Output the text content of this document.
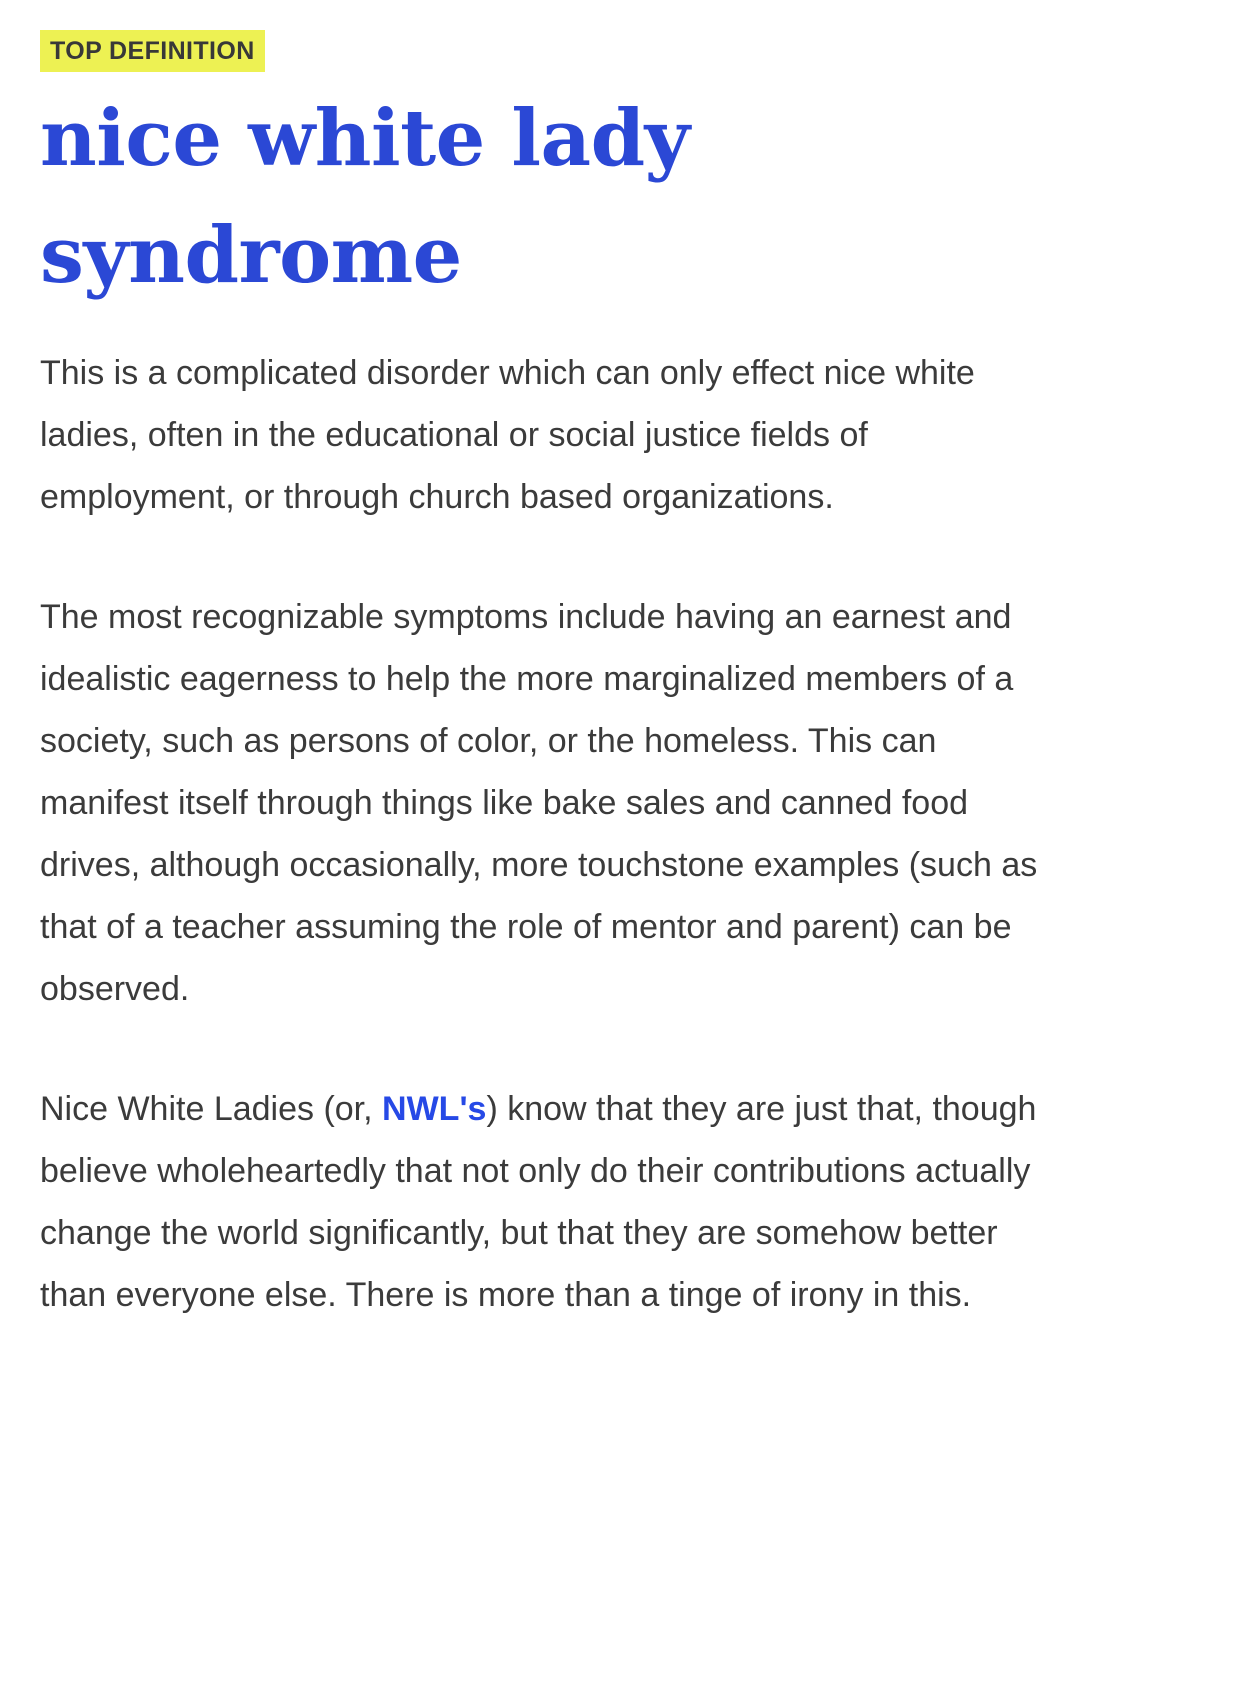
TOP DEFINITION
nice white lady syndrome

This is a complicated disorder which can only effect nice white ladies, often in the educational or social justice fields of employment, or through church based organizations.

The most recognizable symptoms include having an earnest and idealistic eagerness to help the more marginalized members of a society, such as persons of color, or the homeless. This can manifest itself through things like bake sales and canned food drives, although occasionally, more touchstone examples (such as that of a teacher assuming the role of mentor and parent) can be observed.

Nice White Ladies (or, NWL's) know that they are just that, though believe wholeheartedly that not only do their contributions actually change the world significantly, but that they are somehow better than everyone else. There is more than a tinge of irony in this.
